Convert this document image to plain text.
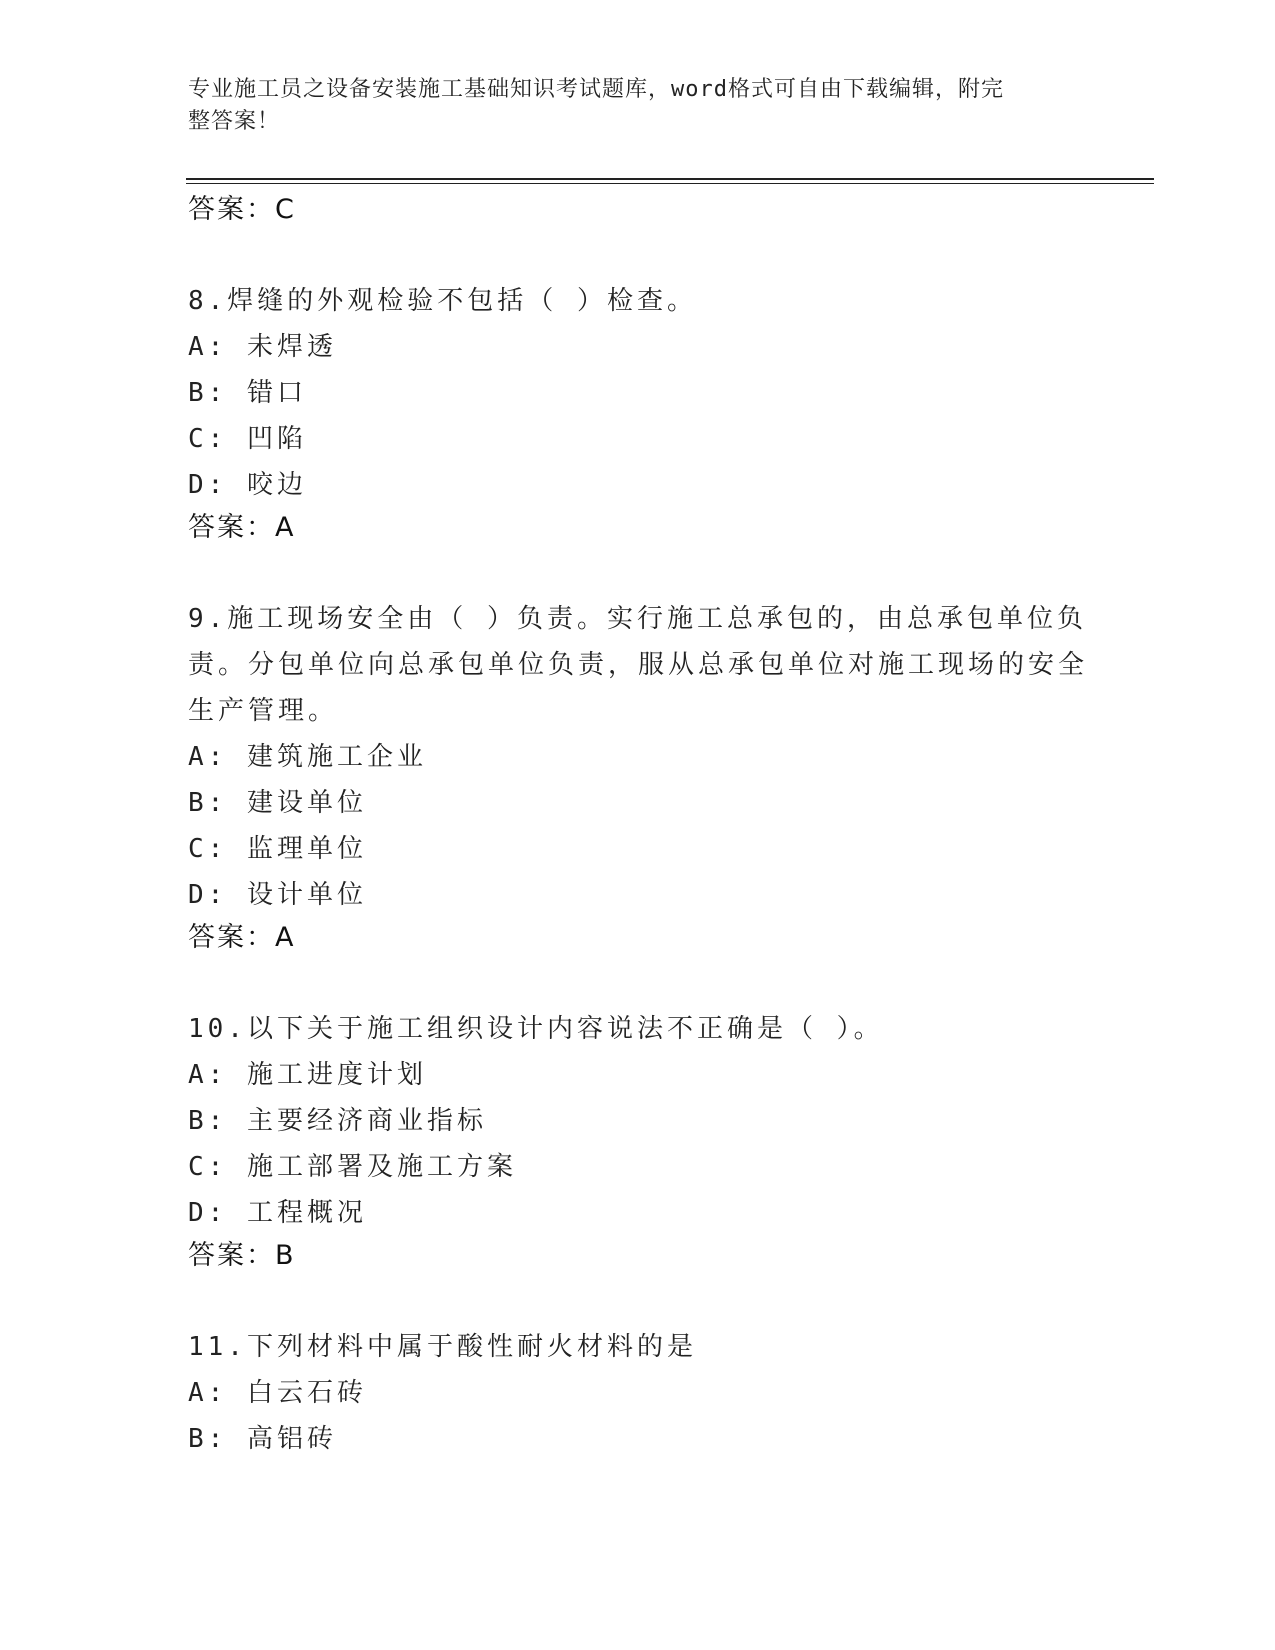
专业施工员之设备安装施工基础知识考试题库，word格式可自由下载编辑，附完
整答案！
答案：C
8.焊缝的外观检验不包括（ ）检查。
A: 未焊透
B: 错口
C: 凹陷
D: 咬边
答案：A
9.施工现场安全由（ ）负责。实行施工总承包的，由总承包单位负责。分包单位向总承包单位负责，服从总承包单位对施工现场的安全生产管理。
A: 建筑施工企业
B: 建设单位
C: 监理单位
D: 设计单位
答案：A
10.以下关于施工组织设计内容说法不正确是（ ）。
A: 施工进度计划
B: 主要经济商业指标
C: 施工部署及施工方案
D: 工程概况
答案：B
11.下列材料中属于酸性耐火材料的是
A: 白云石砖
B: 高铝砖
